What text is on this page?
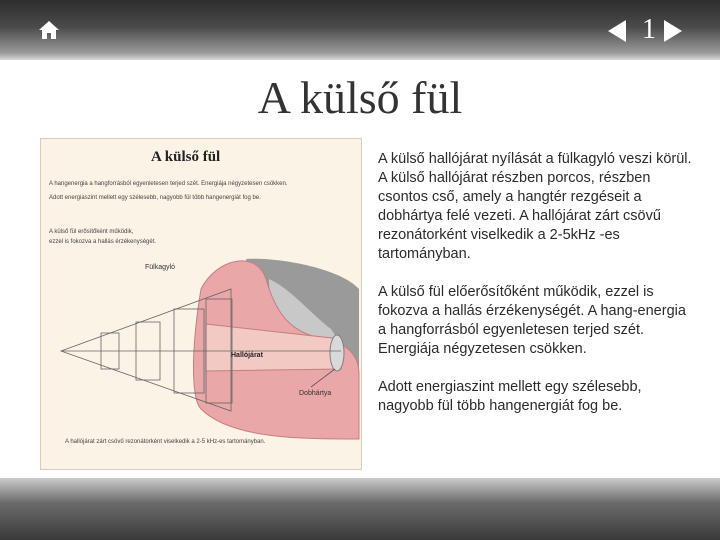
1
A külső fül
A külső fül
A hangenergia a hangforrásból egyenletesen terjed szét. Energiája négyzetesen csökken.
Adott energiaszint mellett egy szélesebb, nagyobb fül több hangenergiát fog be.
A külső fül erősítőként működik,
ezzel is fokozva a hallás érzékenységét.
Fülkagyló
Hallójárat
Dobhártya
A hallójárat zárt csövű rezonátorként viselkedik a 2-5 kHz-es tartományban.

A külső hallójárat nyílását a fülkagyló veszi körül. A külső hallójárat részben porcos, részben csontos cső, amely a hangtér rezgéseit a dobhártya felé vezeti. A hallójárat zárt csövű rezonátorként viselkedik a 2-5kHz -es tartományban.

A külső fül előerősítőként működik, ezzel is fokozva a hallás érzékenységét. A hang-energia a hangforrásból egyenletesen terjed szét. Energiája négyzetesen csökken.

Adott energiaszint mellett egy szélesebb, nagyobb fül több hangenergiát fog be.
